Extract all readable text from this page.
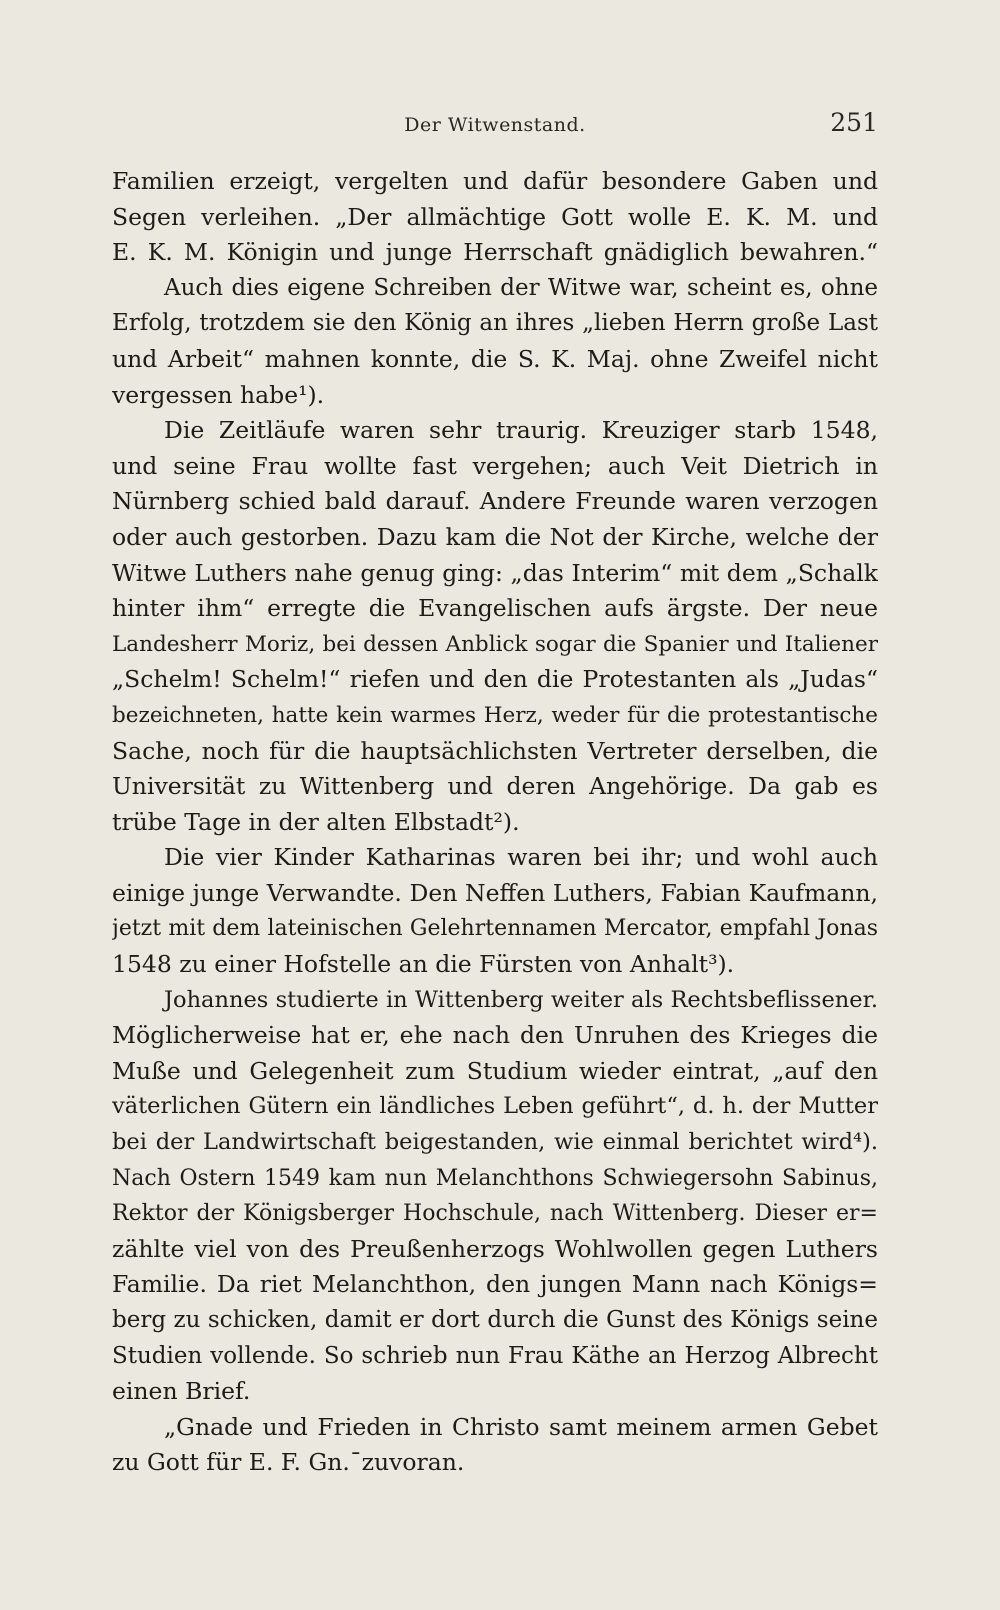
Der Witwenstand.	251
Familien erzeigt, vergelten und dafür besondere Gaben und
Segen verleihen. „Der allmächtige Gott wolle E. K. M. und
E. K. M. Königin und junge Herrschaft gnädiglich bewahren.“
Auch dies eigene Schreiben der Witwe war, scheint es, ohne
Erfolg, trotzdem sie den König an ihres „lieben Herrn große Last
und Arbeit“ mahnen konnte, die S. K. Maj. ohne Zweifel nicht
vergessen habe¹).
Die Zeitläufe waren sehr traurig. Kreuziger starb 1548,
und seine Frau wollte fast vergehen; auch Veit Dietrich in
Nürnberg schied bald darauf. Andere Freunde waren verzogen
oder auch gestorben. Dazu kam die Not der Kirche, welche der
Witwe Luthers nahe genug ging: „das Interim“ mit dem „Schalk
hinter ihm“ erregte die Evangelischen aufs ärgste. Der neue
Landesherr Moriz, bei dessen Anblick sogar die Spanier und Italiener
„Schelm! Schelm!“ riefen und den die Protestanten als „Judas“
bezeichneten, hatte kein warmes Herz, weder für die protestantische
Sache, noch für die hauptsächlichsten Vertreter derselben, die
Universität zu Wittenberg und deren Angehörige. Da gab es
trübe Tage in der alten Elbstadt²).
Die vier Kinder Katharinas waren bei ihr; und wohl auch
einige junge Verwandte. Den Neffen Luthers, Fabian Kaufmann,
jetzt mit dem lateinischen Gelehrtennamen Mercator, empfahl Jonas
1548 zu einer Hofstelle an die Fürsten von Anhalt³).
Johannes studierte in Wittenberg weiter als Rechtsbeflissener.
Möglicherweise hat er, ehe nach den Unruhen des Krieges die
Muße und Gelegenheit zum Studium wieder eintrat, „auf den
väterlichen Gütern ein ländliches Leben geführt“, d. h. der Mutter
bei der Landwirtschaft beigestanden, wie einmal berichtet wird⁴).
Nach Ostern 1549 kam nun Melanchthons Schwiegersohn Sabinus,
Rektor der Königsberger Hochschule, nach Wittenberg. Dieser er=
zählte viel von des Preußenherzogs Wohlwollen gegen Luthers
Familie. Da riet Melanchthon, den jungen Mann nach Königs=
berg zu schicken, damit er dort durch die Gunst des Königs seine
Studien vollende. So schrieb nun Frau Käthe an Herzog Albrecht
einen Brief.
„Gnade und Frieden in Christo samt meinem armen Gebet
zu Gott für E. F. Gn.¯zuvoran.
